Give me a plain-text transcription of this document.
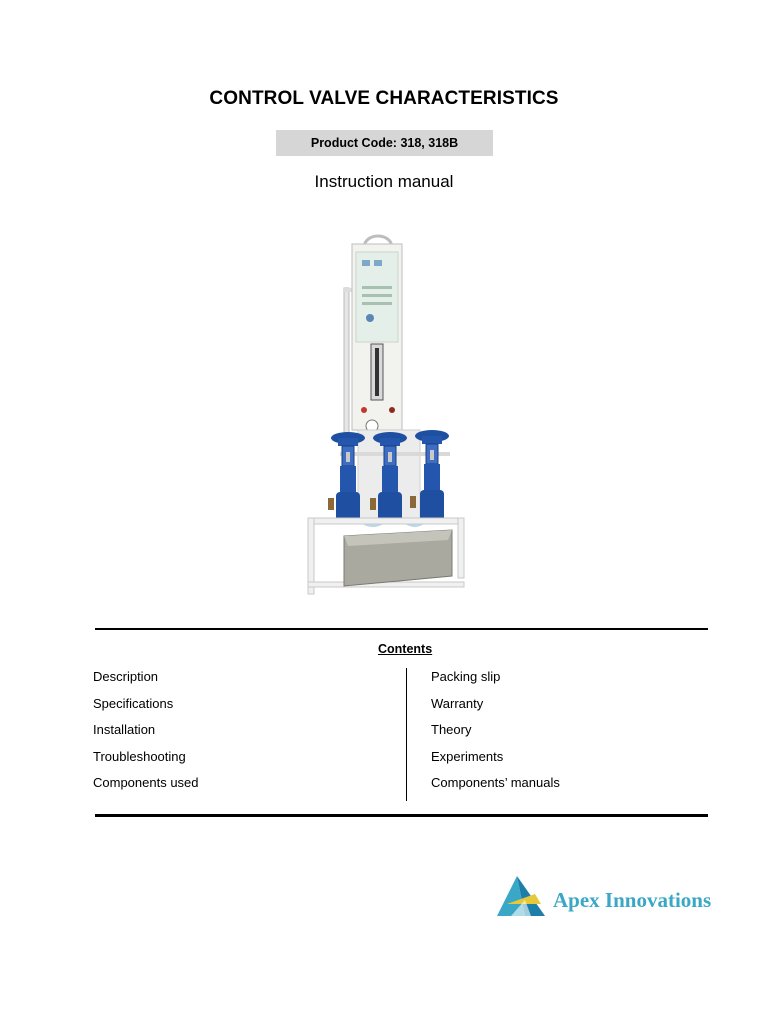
CONTROL VALVE CHARACTERISTICS
Product Code: 318, 318B
Instruction manual
Contents
Description
Specifications
Installation
Troubleshooting
Components used
Packing slip
Warranty
Theory
Experiments
Components’ manuals
Apex Innovations
